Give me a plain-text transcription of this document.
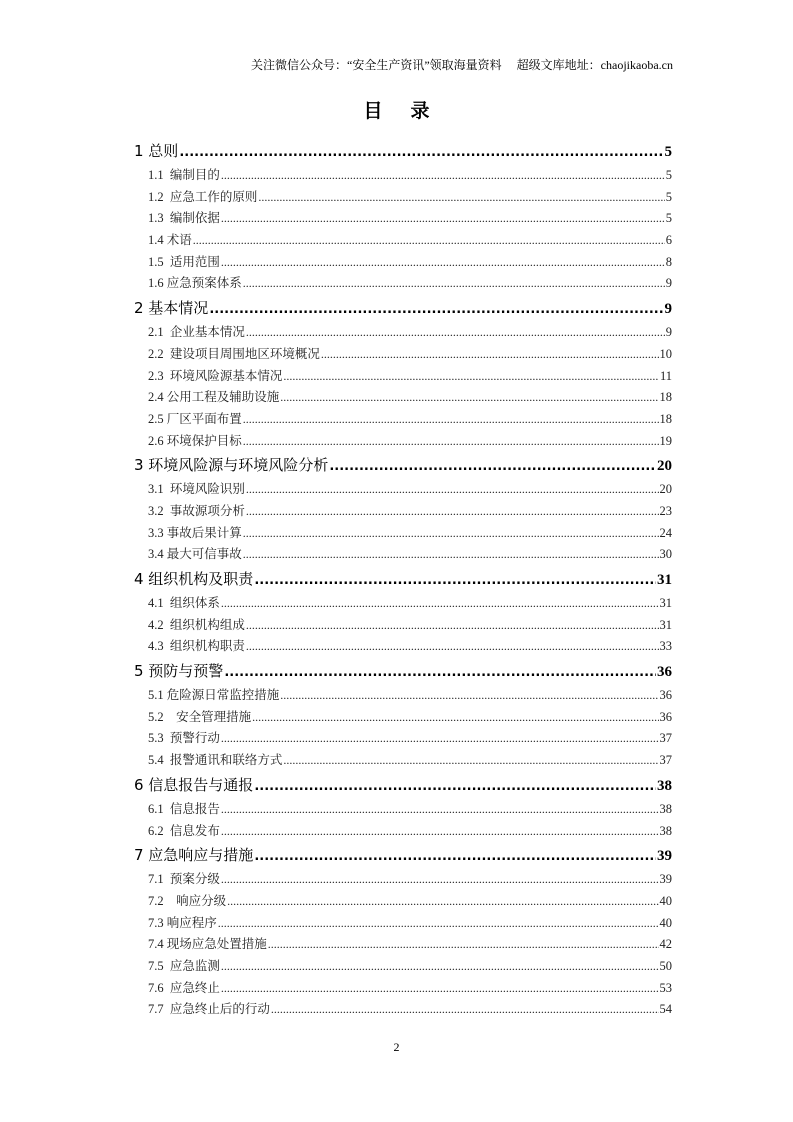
关注微信公众号：“安全生产资讯”领取海量资料     超级文库地址：chaojikaoba.cn
目录
1 总则 .....	5
1.1  编制目的 .....	5
1.2  应急工作的原则 .....	5
1.3  编制依据 .....	5
1.4 术语 .....	6
1.5  适用范围 .....	8
1.6 应急预案体系 .....	9
2 基本情况 .....	9
2.1  企业基本情况 .....	9
2.2  建设项目周围地区环境概况 .....	10
2.3  环境风险源基本情况 .....	11
2.4 公用工程及辅助设施 .....	18
2.5 厂区平面布置 .....	18
2.6 环境保护目标 .....	19
3 环境风险源与环境风险分析 .....	20
3.1  环境风险识别 .....	20
3.2  事故源项分析 .....	23
3.3 事故后果计算 .....	24
3.4 最大可信事故 .....	30
4 组织机构及职责 .....	31
4.1  组织体系 .....	31
4.2  组织机构组成 .....	31
4.3  组织机构职责 .....	33
5 预防与预警 .....	36
5.1 危险源日常监控措施 .....	36
5.2    安全管理措施 .....	36
5.3  预警行动 .....	37
5.4  报警通讯和联络方式 .....	37
6 信息报告与通报 .....	38
6.1  信息报告 .....	38
6.2  信息发布 .....	38
7 应急响应与措施 .....	39
7.1  预案分级 .....	39
7.2    响应分级 .....	40
7.3 响应程序 .....	40
7.4 现场应急处置措施 .....	42
7.5  应急监测 .....	50
7.6  应急终止 .....	53
7.7  应急终止后的行动 .....	54
2
